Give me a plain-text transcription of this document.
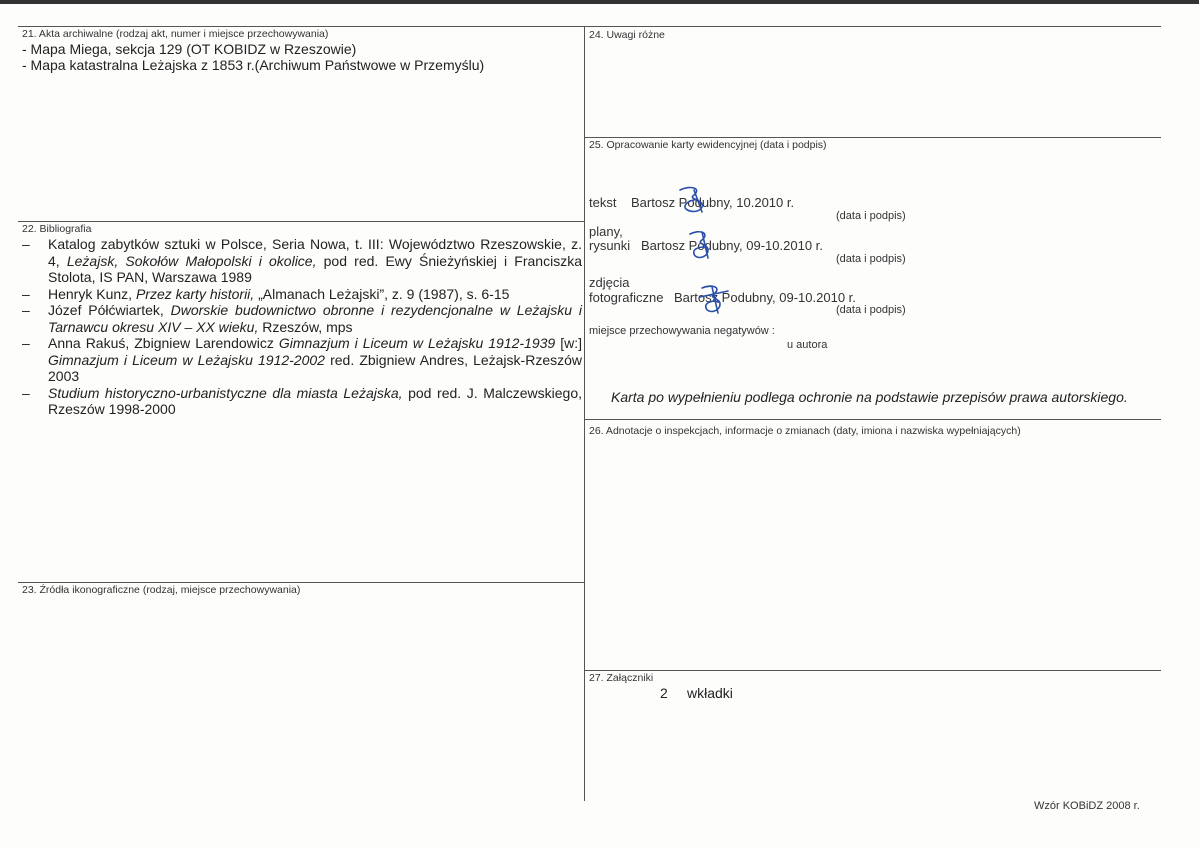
21. Akta archiwalne (rodzaj akt, numer i miejsce przechowywania)
- Mapa Miega, sekcja 129 (OT KOBIDZ w Rzeszowie)
- Mapa katastralna Leżajska z 1853 r.(Archiwum Państwowe w Przemyślu)
22. Bibliografia
– Katalog zabytków sztuki w Polsce, Seria Nowa, t. III: Województwo Rzeszowskie, z. 4, Leżajsk, Sokołów Małopolski i okolice, pod red. Ewy Śnieżyńskiej i Franciszka Stolota, IS PAN, Warszawa 1989
– Henryk Kunz, Przez karty historii, „Almanach Leżajski”, z. 9 (1987), s. 6-15
– Józef Półćwiartek, Dworskie budownictwo obronne i rezydencjonalne w Leżajsku i Tarnawcu okresu XIV – XX wieku, Rzeszów, mps
– Anna Rakuś, Zbigniew Larendowicz Gimnazjum i Liceum w Leżajsku 1912-1939 [w:] Gimnazjum i Liceum w Leżajsku 1912-2002 red. Zbigniew Andres, Leżajsk-Rzeszów 2003
– Studium historyczno-urbanistyczne dla miasta Leżajska, pod red. J. Malczewskiego, Rzeszów 1998-2000
23. Źródła ikonograficzne (rodzaj, miejsce przechowywania)
24. Uwagi różne
25. Opracowanie karty ewidencyjnej (data i podpis)
tekst Bartosz Podubny, 10.2010 r.
(data i podpis)
plany,
rysunki Bartosz Podubny, 09-10.2010 r.
(data i podpis)
zdjęcia
fotograficzne Bartosz Podubny, 09-10.2010 r.
(data i podpis)
miejsce przechowywania negatywów :
u autora
Karta po wypełnieniu podlega ochronie na podstawie przepisów prawa autorskiego.
26. Adnotacje o inspekcjach, informacje o zmianach (daty, imiona i nazwiska wypełniających)
27. Załączniki
2 wkładki
Wzór KOBiDZ 2008 r.
